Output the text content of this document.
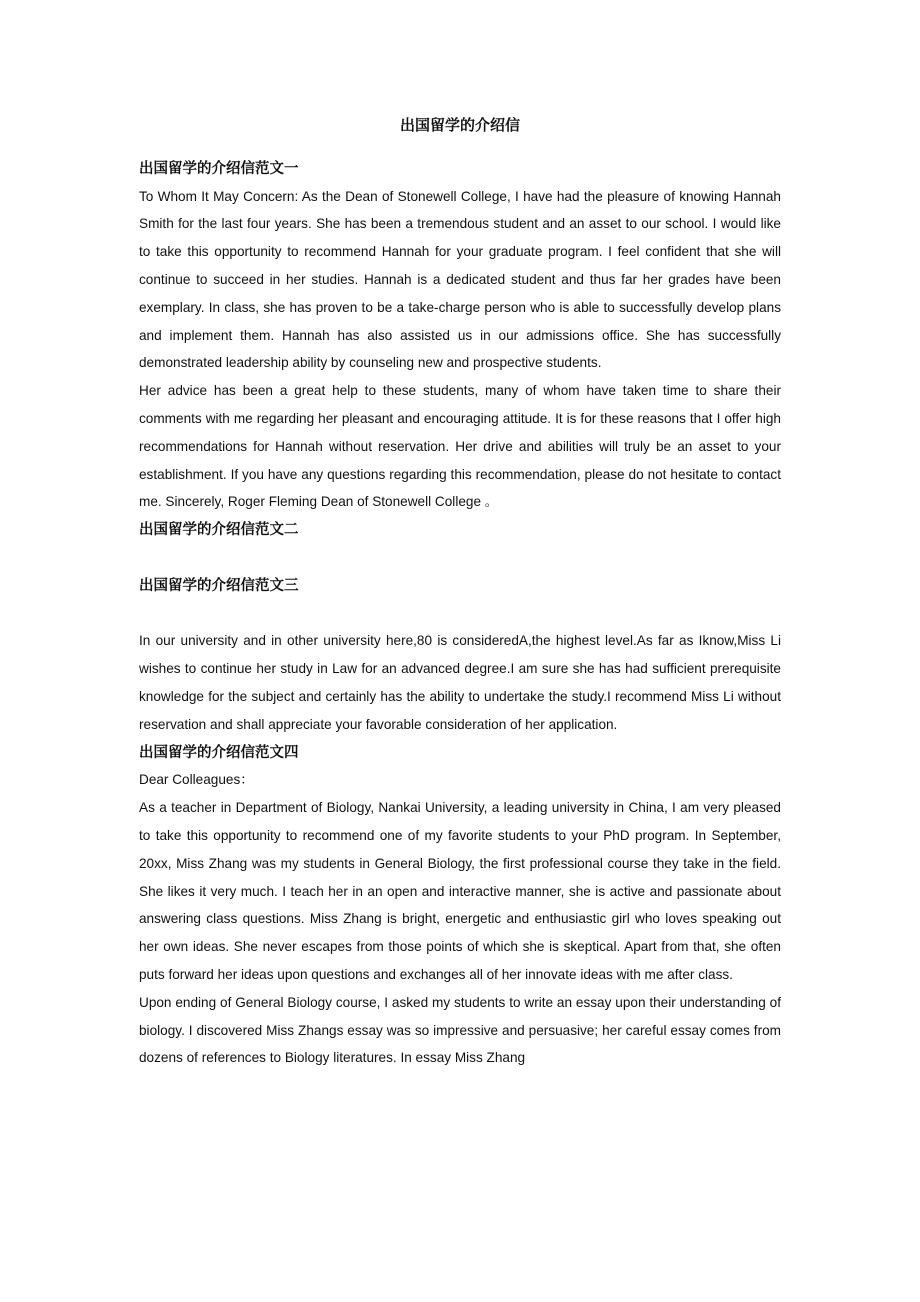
出国留学的介绍信
出国留学的介绍信范文一

To Whom It May Concern: As the Dean of Stonewell College, I have had the pleasure of knowing Hannah Smith for the last four years. She has been a tremendous student and an asset to our school. I would like to take this opportunity to recommend Hannah for your graduate program. I feel confident that she will continue to succeed in her studies. Hannah is a dedicated student and thus far her grades have been exemplary. In class, she has proven to be a take-charge person who is able to successfully develop plans and implement them. Hannah has also assisted us in our admissions office. She has successfully demonstrated leadership ability by counseling new and prospective students.

Her advice has been a great help to these students, many of whom have taken time to share their comments with me regarding her pleasant and encouraging attitude. It is for these reasons that I offer high recommendations for Hannah without reservation. Her drive and abilities will truly be an asset to your establishment. If you have any questions regarding this recommendation, please do not hesitate to contact me. Sincerely, Roger Fleming Dean of Stonewell College 。

出国留学的介绍信范文二
出国留学的介绍信范文三

In our university and in other university here,80 is consideredA,the highest level.As far as Iknow,Miss Li wishes to continue her study in Law for an advanced degree.I am sure she has had sufficient prerequisite knowledge for the subject and certainly has the ability to undertake the study.I recommend Miss Li without reservation and shall appreciate your favorable consideration of her application.

出国留学的介绍信范文四

Dear Colleagues：

As a teacher in Department of Biology, Nankai University, a leading university in China, I am very pleased to take this opportunity to recommend one of my favorite students to your PhD program. In September, 20xx, Miss Zhang was my students in General Biology, the first professional course they take in the field. She likes it very much. I teach her in an open and interactive manner, she is active and passionate about answering class questions. Miss Zhang is bright, energetic and enthusiastic girl who loves speaking out her own ideas. She never escapes from those points of which she is skeptical. Apart from that, she often puts forward her ideas upon questions and exchanges all of her innovate ideas with me after class.

Upon ending of General Biology course, I asked my students to write an essay upon their understanding of biology. I discovered Miss Zhangs essay was so impressive and persuasive; her careful essay comes from dozens of references to Biology literatures. In essay Miss Zhang
